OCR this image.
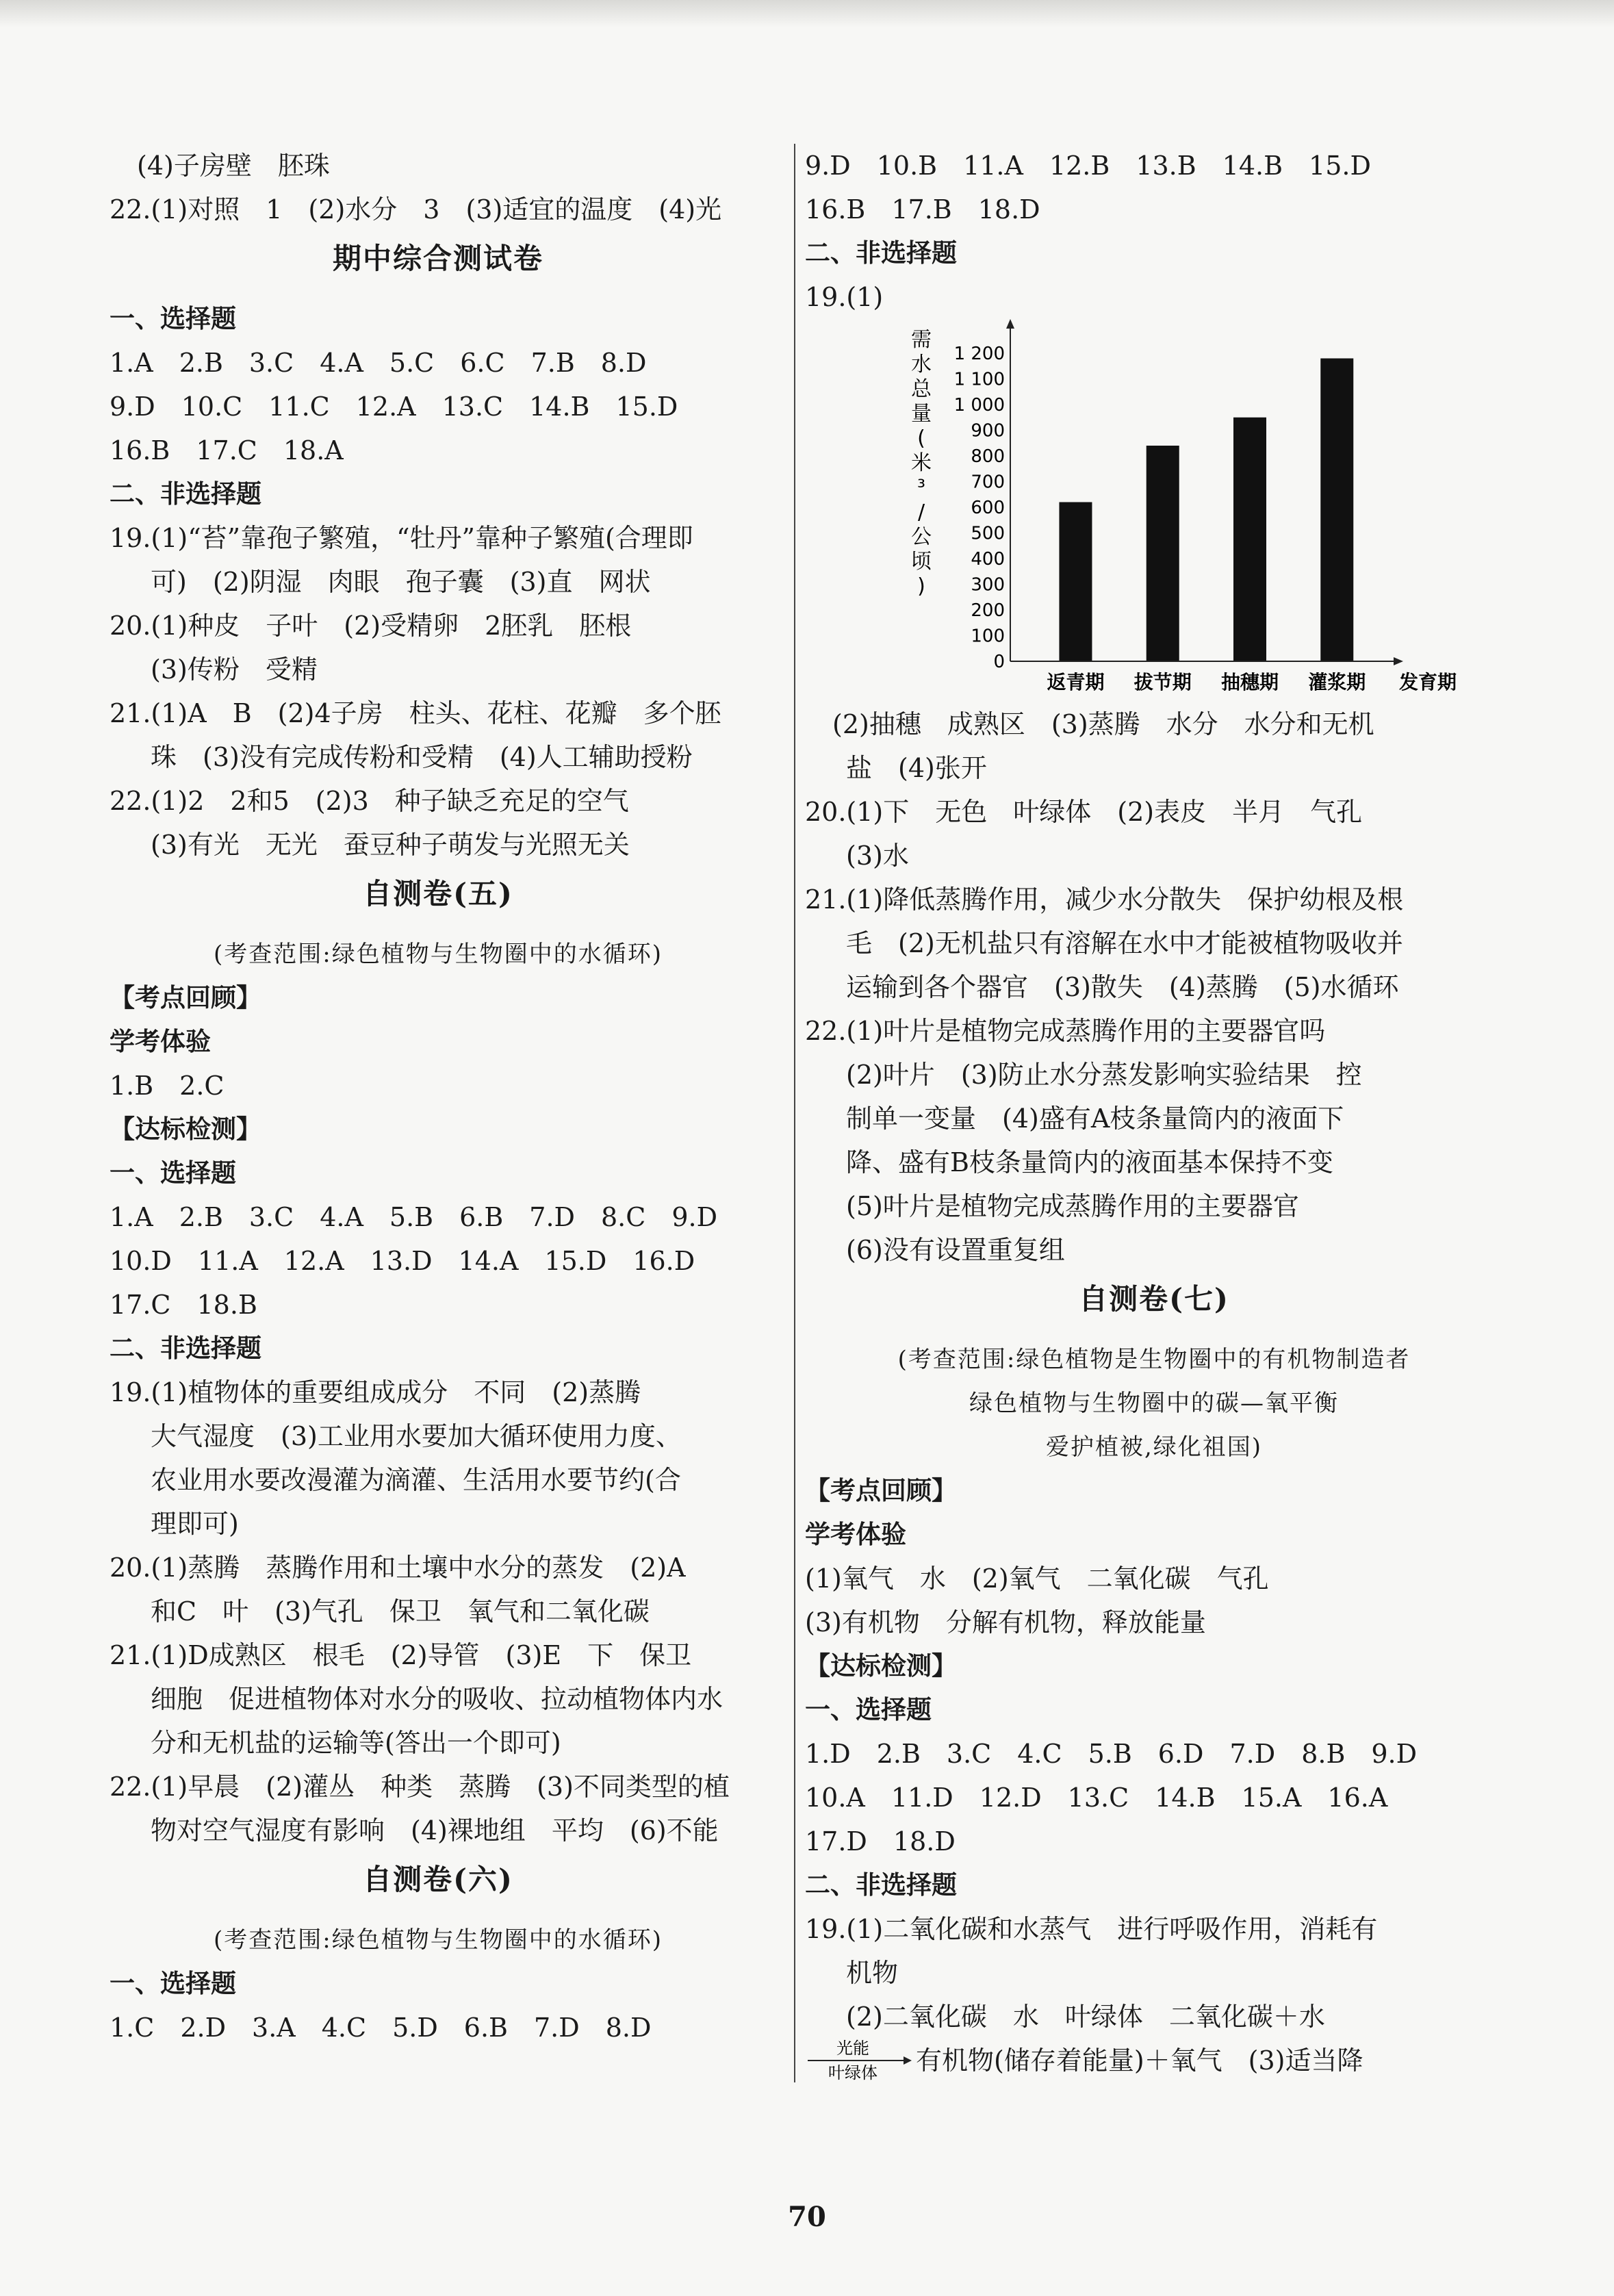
(4)子房壁　胚珠
22.(1)对照　1　(2)水分　3　(3)适宜的温度　(4)光
期中综合测试卷
一、选择题
1.A　2.B　3.C　4.A　5.C　6.C　7.B　8.D
9.D　10.C　11.C　12.A　13.C　14.B　15.D
16.B　17.C　18.A
二、非选择题
19.(1)“苔”靠孢子繁殖，“牡丹”靠种子繁殖(合理即
可)　(2)阴湿　肉眼　孢子囊　(3)直　网状
20.(1)种皮　子叶　(2)受精卵　2胚乳　胚根
(3)传粉　受精
21.(1)A　B　(2)4子房　柱头、花柱、花瓣　多个胚
珠　(3)没有完成传粉和受精　(4)人工辅助授粉
22.(1)2　2和5　(2)3　种子缺乏充足的空气
(3)有光　无光　蚕豆种子萌发与光照无关
自测卷(五)
(考查范围:绿色植物与生物圈中的水循环)
【考点回顾】
学考体验
1.B　2.C
【达标检测】
一、选择题
1.A　2.B　3.C　4.A　5.B　6.B　7.D　8.C　9.D
10.D　11.A　12.A　13.D　14.A　15.D　16.D
17.C　18.B
二、非选择题
19.(1)植物体的重要组成成分　不同　(2)蒸腾
大气湿度　(3)工业用水要加大循环使用力度、
农业用水要改漫灌为滴灌、生活用水要节约(合
理即可)
20.(1)蒸腾　蒸腾作用和土壤中水分的蒸发　(2)A
和C　叶　(3)气孔　保卫　氧气和二氧化碳
21.(1)D成熟区　根毛　(2)导管　(3)E　下　保卫
细胞　促进植物体对水分的吸收、拉动植物体内水
分和无机盐的运输等(答出一个即可)
22.(1)早晨　(2)灌丛　种类　蒸腾　(3)不同类型的植
物对空气湿度有影响　(4)裸地组　平均　(6)不能
自测卷(六)
(考查范围:绿色植物与生物圈中的水循环)
一、选择题
1.C　2.D　3.A　4.C　5.D　6.B　7.D　8.D
9.D　10.B　11.A　12.B　13.B　14.B　15.D
16.B　17.B　18.D
二、非选择题
19.(1)
需水总量(米 ³ /公顷)
0
100
200
300
400
500
600
700
800
900
1 000
1 100
1 200
返青期 拔节期 抽穗期 灌浆期 发育期
(2)抽穗　成熟区　(3)蒸腾　水分　水分和无机
盐　(4)张开
20.(1)下　无色　叶绿体　(2)表皮　半月　气孔
(3)水
21.(1)降低蒸腾作用，减少水分散失　保护幼根及根
毛　(2)无机盐只有溶解在水中才能被植物吸收并
运输到各个器官　(3)散失　(4)蒸腾　(5)水循环
22.(1)叶片是植物完成蒸腾作用的主要器官吗
(2)叶片　(3)防止水分蒸发影响实验结果　控
制单一变量　(4)盛有A枝条量筒内的液面下
降、盛有B枝条量筒内的液面基本保持不变
(5)叶片是植物完成蒸腾作用的主要器官
(6)没有设置重复组
自测卷(七)
(考查范围:绿色植物是生物圈中的有机物制造者
绿色植物与生物圈中的碳—氧平衡
爱护植被,绿化祖国)
【考点回顾】
学考体验
(1)氧气　水　(2)氧气　二氧化碳　气孔
(3)有机物　分解有机物，释放能量
【达标检测】
一、选择题
1.D　2.B　3.C　4.C　5.B　6.D　7.D　8.B　9.D
10.A　11.D　12.D　13.C　14.B　15.A　16.A
17.D　18.D
二、非选择题
19.(1)二氧化碳和水蒸气　进行呼吸作用，消耗有
机物
(2)二氧化碳　水　叶绿体　二氧化碳＋水
光能
叶绿体 有机物(储存着能量)＋氧气　(3)适当降
70
